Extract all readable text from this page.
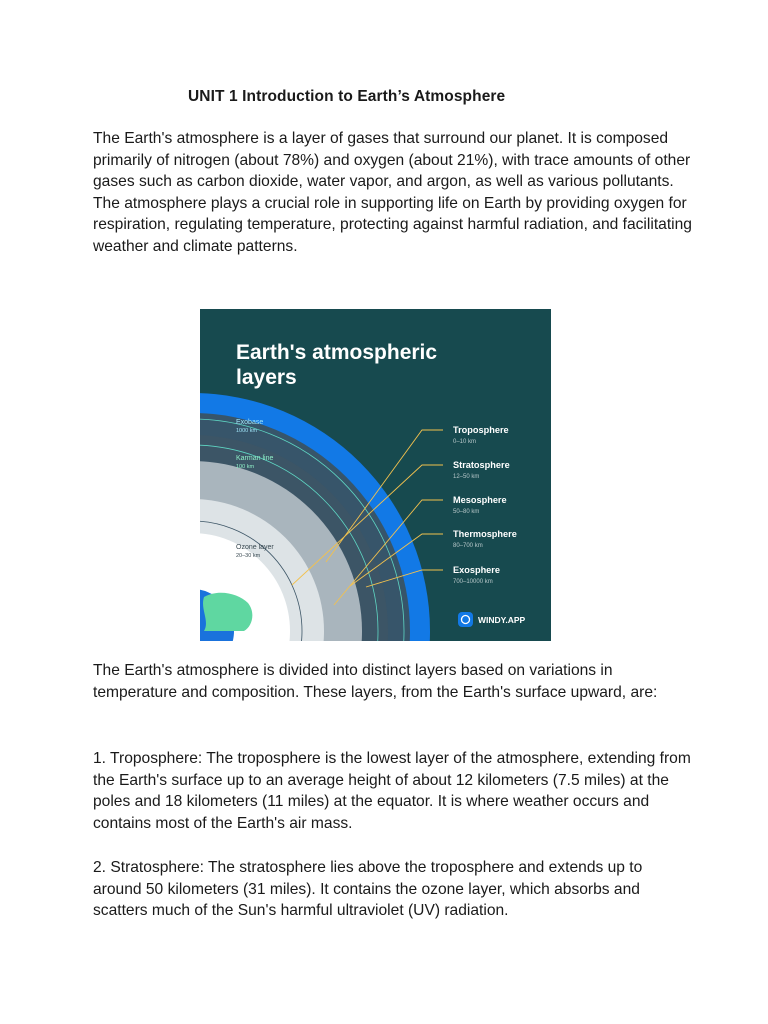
UNIT 1 Introduction to Earth’s Atmosphere

The Earth's atmosphere is a layer of gases that surround our planet. It is composed primarily of nitrogen (about 78%) and oxygen (about 21%), with trace amounts of other gases such as carbon dioxide, water vapor, and argon, as well as various pollutants. The atmosphere plays a crucial role in supporting life on Earth by providing oxygen for respiration, regulating temperature, protecting against harmful radiation, and facilitating weather and climate patterns.

Earth's atmospheric
layers
Exobase
1000 km
Karman line
100 km
Ozone layer
20–30 km
Troposphere
0–10 km
Stratosphere
12–50 km
Mesosphere
50–80 km
Thermosphere
80–700 km
Exosphere
700–10000 km
WINDY.APP

The Earth's atmosphere is divided into distinct layers based on variations in temperature and composition. These layers, from the Earth's surface upward, are:

1. Troposphere: The troposphere is the lowest layer of the atmosphere, extending from the Earth's surface up to an average height of about 12 kilometers (7.5 miles) at the poles and 18 kilometers (11 miles) at the equator. It is where weather occurs and contains most of the Earth's air mass.

2. Stratosphere: The stratosphere lies above the troposphere and extends up to around 50 kilometers (31 miles). It contains the ozone layer, which absorbs and scatters much of the Sun's harmful ultraviolet (UV) radiation.
